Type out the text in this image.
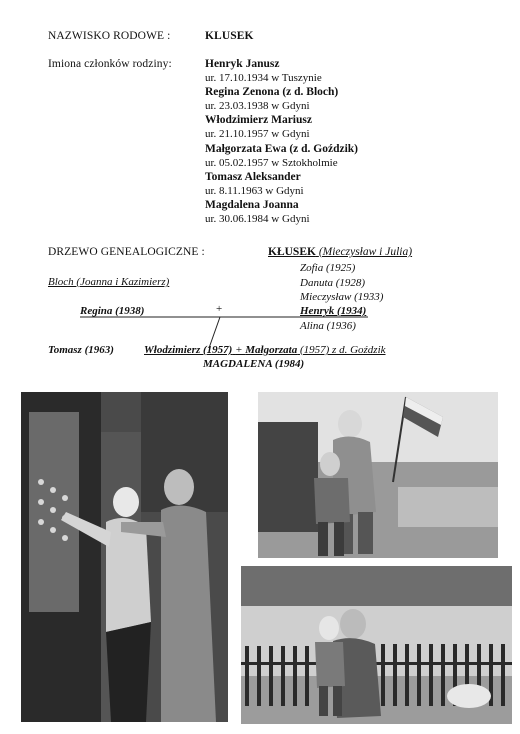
NAZWISKO RODOWE :	KLUSEK
Imiona członków rodziny:	Henryk Janusz
ur. 17.10.1934 w Tuszynie
Regina Zenona (z d. Bloch)
ur. 23.03.1938 w Gdyni
Włodzimierz Mariusz
ur. 21.10.1957 w Gdyni
Małgorzata Ewa (z d. Goździk)
ur. 05.02.1957 w Sztokholmie
Tomasz Aleksander
ur. 8.11.1963 w Gdyni
Magdalena Joanna
ur. 30.06.1984 w Gdyni
DRZEWO GENEALOGICZNE :	KŁUSEK (Mieczysław i Julia)
Zofia (1925)
Danuta (1928)
Mieczysław (1933)
Bloch (Joanna i Kazimierz)
Regina (1938)	+	Henryk (1934)
Alina (1936)
Tomasz (1963)	Włodzimierz (1957) + Małgorzata (1957) z d. Goździk
MAGDALENA (1984)
